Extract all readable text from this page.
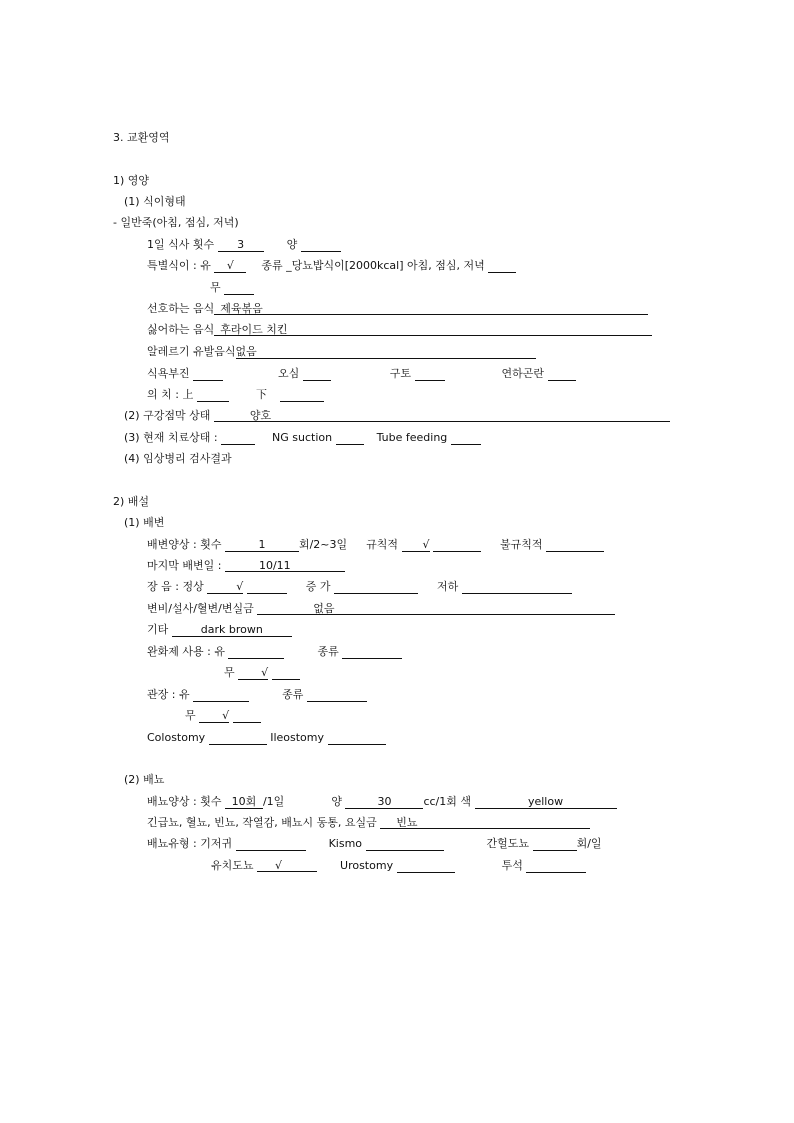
3. 교환영역
1) 영양
(1) 식이형태
- 일반죽(아침, 점심, 저녁)
1일 식사 횟수 3	양
특별식이 : 유 √	종류 _당뇨밥식이[2000kcal] 아침, 점심, 저녁
무
선호하는 음식 제육볶음
싫어하는 음식 후라이드 치킨
알레르기 유발음식없음
식욕부진	오심	구토	연하곤란
의 치 : 上	下
(2) 구강점막 상태	양호
(3) 현재 치료상태 :	NG suction	Tube feeding
(4) 임상병리 검사결과
2) 배설
(1) 배변
배변양상 : 횟수	1	회/2~3일 규칙적 √	불규칙적
마지막 배변일 :	10/11
장 음 : 정상	√	증 가	저하
변비/설사/혈변/변실금	없음
기타	dark brown
완화제 사용 : 유	종류
무 √
관장 : 유	종류
무 √
Colostomy	Ileostomy
(2) 배뇨
배뇨양상 : 횟수 10회 /1일	양	30	cc/1회 색	yellow
긴급뇨, 혈뇨, 빈뇨, 작열감, 배뇨시 동통, 요실금 빈뇨
배뇨유형 : 기저귀	Kismo	간헐도뇨	회/일
유치도뇨 √	Urostomy	투석
